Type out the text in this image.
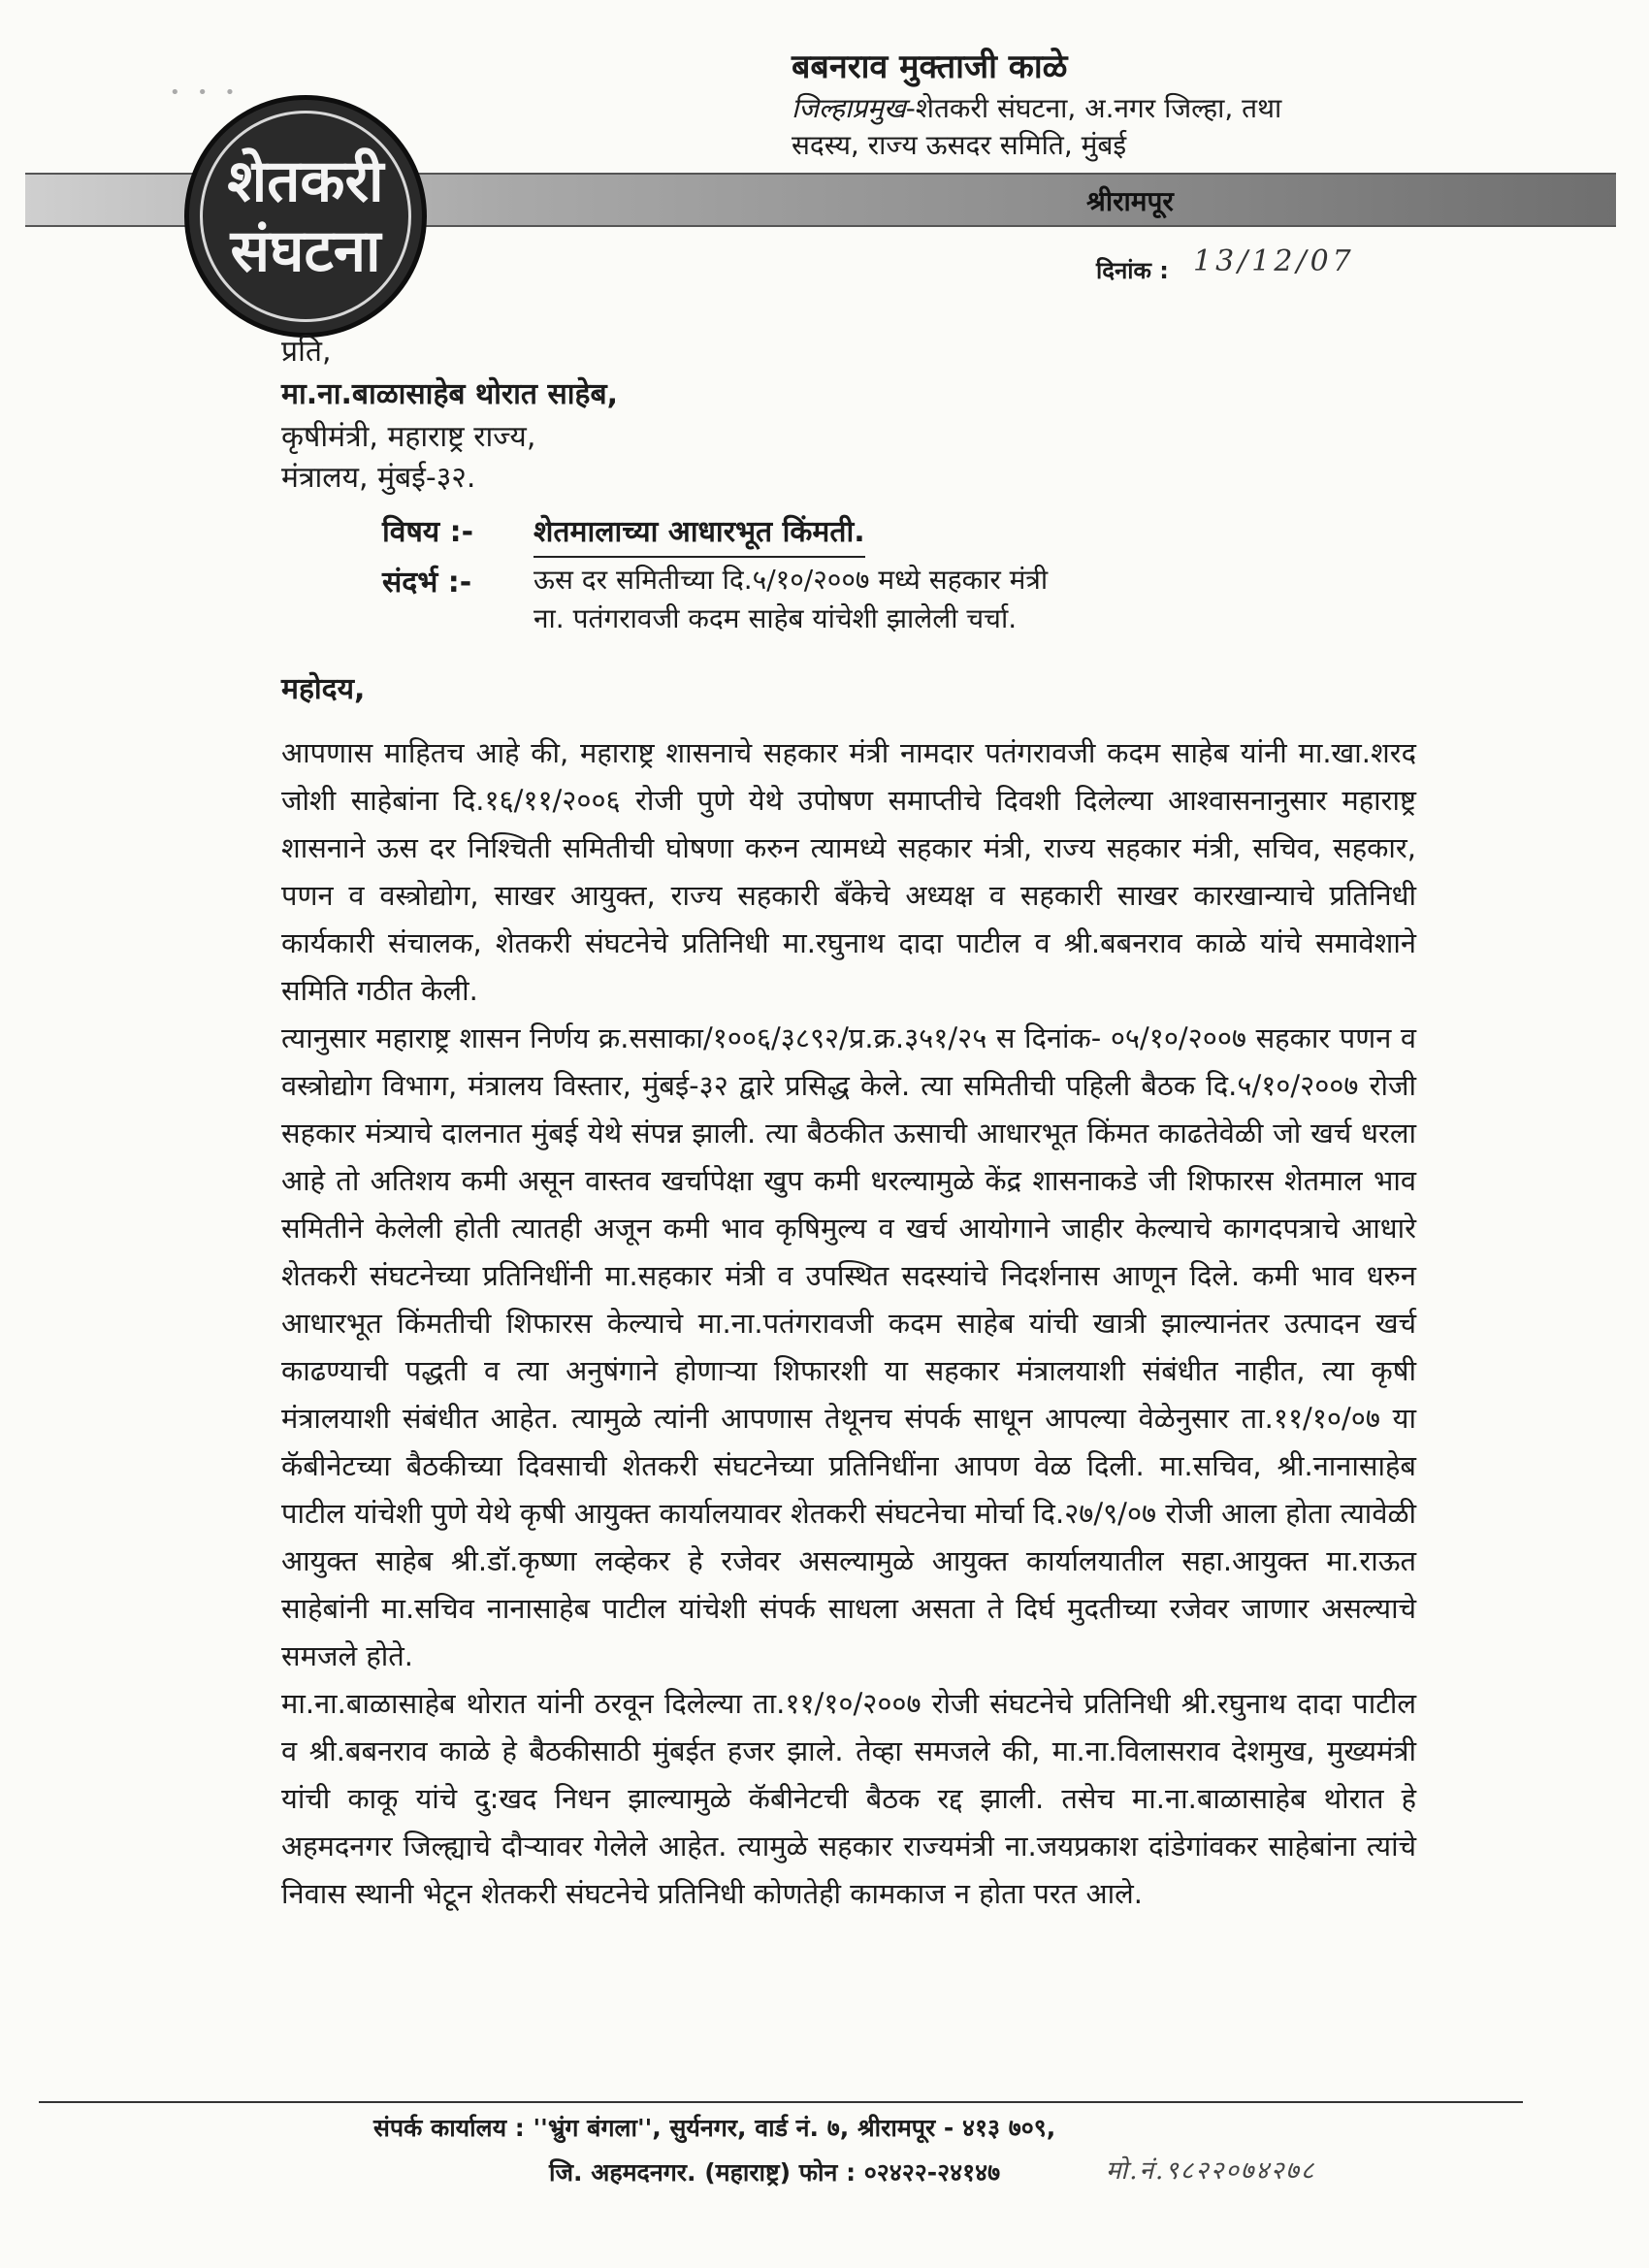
• • •
शेतकरी
संघटना
बबनराव मुक्ताजी काळे
जिल्हाप्रमुख-शेतकरी संघटना, अ.नगर जिल्हा, तथा
सदस्य, राज्य ऊसदर समिति, मुंबई
श्रीरामपूर
दिनांक : 13/12/07
प्रति,
मा.ना.बाळासाहेब थोरात साहेब,
कृषीमंत्री, महाराष्ट्र राज्य,
मंत्रालय, मुंबई-३२.
विषय :- शेतमालाच्या आधारभूत किंमती.
संदर्भ :- ऊस दर समितीच्या दि.५/१०/२००७ मध्ये सहकार मंत्री
ना. पतंगरावजी कदम साहेब यांचेशी झालेली चर्चा.
महोदय,

आपणास माहितच आहे की, महाराष्ट्र शासनाचे सहकार मंत्री नामदार पतंगरावजी कदम साहेब यांनी मा.खा.शरद जोशी साहेबांना दि.१६/११/२००६ रोजी पुणे येथे उपोषण समाप्तीचे दिवशी दिलेल्या आश्वासनानुसार महाराष्ट्र शासनाने ऊस दर निश्चिती समितीची घोषणा करुन त्यामध्ये सहकार मंत्री, राज्य सहकार मंत्री, सचिव, सहकार, पणन व वस्त्रोद्योग, साखर आयुक्त, राज्य सहकारी बँकेचे अध्यक्ष व सहकारी साखर कारखान्याचे प्रतिनिधी कार्यकारी संचालक, शेतकरी संघटनेचे प्रतिनिधी मा.रघुनाथ दादा पाटील व श्री.बबनराव काळे यांचे समावेशाने समिति गठीत केली.

त्यानुसार महाराष्ट्र शासन निर्णय क्र.ससाका/१००६/३८९२/प्र.क्र.३५१/२५ स दिनांक- ०५/१०/२००७ सहकार पणन व वस्त्रोद्योग विभाग, मंत्रालय विस्तार, मुंबई-३२ द्वारे प्रसिद्ध केले. त्या समितीची पहिली बैठक दि.५/१०/२००७ रोजी सहकार मंत्र्याचे दालनात मुंबई येथे संपन्न झाली. त्या बैठकीत ऊसाची आधारभूत किंमत काढतेवेळी जो खर्च धरला आहे तो अतिशय कमी असून वास्तव खर्चापेक्षा खुप कमी धरल्यामुळे केंद्र शासनाकडे जी शिफारस शेतमाल भाव समितीने केलेली होती त्यातही अजून कमी भाव कृषिमुल्य व खर्च आयोगाने जाहीर केल्याचे कागदपत्राचे आधारे शेतकरी संघटनेच्या प्रतिनिधींनी मा.सहकार मंत्री व उपस्थित सदस्यांचे निदर्शनास आणून दिले. कमी भाव धरुन आधारभूत किंमतीची शिफारस केल्याचे मा.ना.पतंगरावजी कदम साहेब यांची खात्री झाल्यानंतर उत्पादन खर्च काढण्याची पद्धती व त्या अनुषंगाने होणाऱ्या शिफारशी या सहकार मंत्रालयाशी संबंधीत नाहीत, त्या कृषी मंत्रालयाशी संबंधीत आहेत. त्यामुळे त्यांनी आपणास तेथूनच संपर्क साधून आपल्या वेळेनुसार ता.११/१०/०७ या कॅबीनेटच्या बैठकीच्या दिवसाची शेतकरी संघटनेच्या प्रतिनिधींना आपण वेळ दिली. मा.सचिव, श्री.नानासाहेब पाटील यांचेशी पुणे येथे कृषी आयुक्त कार्यालयावर शेतकरी संघटनेचा मोर्चा दि.२७/९/०७ रोजी आला होता त्यावेळी आयुक्त साहेब श्री.डॉ.कृष्णा लव्हेकर हे रजेवर असल्यामुळे आयुक्त कार्यालयातील सहा.आयुक्त मा.राऊत साहेबांनी मा.सचिव नानासाहेब पाटील यांचेशी संपर्क साधला असता ते दिर्घ मुदतीच्या रजेवर जाणार असल्याचे समजले होते.

मा.ना.बाळासाहेब थोरात यांनी ठरवून दिलेल्या ता.११/१०/२००७ रोजी संघटनेचे प्रतिनिधी श्री.रघुनाथ दादा पाटील व श्री.बबनराव काळे हे बैठकीसाठी मुंबईत हजर झाले. तेव्हा समजले की, मा.ना.विलासराव देशमुख, मुख्यमंत्री यांची काकू यांचे दु:खद निधन झाल्यामुळे कॅबीनेटची बैठक रद्द झाली. तसेच मा.ना.बाळासाहेब थोरात हे अहमदनगर जिल्ह्याचे दौऱ्यावर गेलेले आहेत. त्यामुळे सहकार राज्यमंत्री ना.जयप्रकाश दांडेगांवकर साहेबांना त्यांचे निवास स्थानी भेटून शेतकरी संघटनेचे प्रतिनिधी कोणतेही कामकाज न होता परत आले.

संपर्क कार्यालय : ''भ्रुंग बंगला'', सुर्यनगर, वार्ड नं. ७, श्रीरामपूर - ४१३ ७०९,
जि. अहमदनगर. (महाराष्ट्र) फोन : ०२४२२-२४१४७	मो.नं.९८२२०७४२७८
